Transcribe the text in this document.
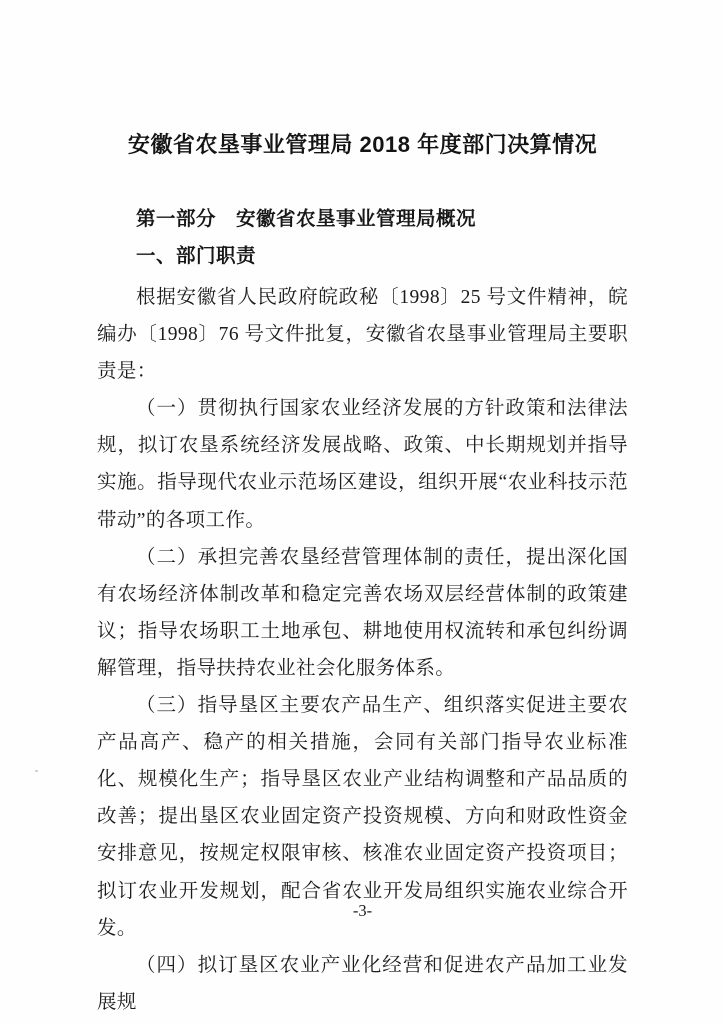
安徽省农垦事业管理局 2018 年度部门决算情况
第一部分　安徽省农垦事业管理局概况
一、部门职责

根据安徽省人民政府皖政秘〔1998〕25 号文件精神，皖编办〔1998〕76 号文件批复，安徽省农垦事业管理局主要职责是：

（一）贯彻执行国家农业经济发展的方针政策和法律法规，拟订农垦系统经济发展战略、政策、中长期规划并指导实施。指导现代农业示范场区建设，组织开展“农业科技示范带动”的各项工作。

（二）承担完善农垦经营管理体制的责任，提出深化国有农场经济体制改革和稳定完善农场双层经营体制的政策建议；指导农场职工土地承包、耕地使用权流转和承包纠纷调解管理，指导扶持农业社会化服务体系。

（三）指导垦区主要农产品生产、组织落实促进主要农产品高产、稳产的相关措施，会同有关部门指导农业标准化、规模化生产；指导垦区农业产业结构调整和产品品质的改善；提出垦区农业固定资产投资规模、方向和财政性资金安排意见，按规定权限审核、核准农业固定资产投资项目；拟订农业开发规划，配合省农业开发局组织实施农业综合开发。

（四）拟订垦区农业产业化经营和促进农产品加工业发展规

-3-
